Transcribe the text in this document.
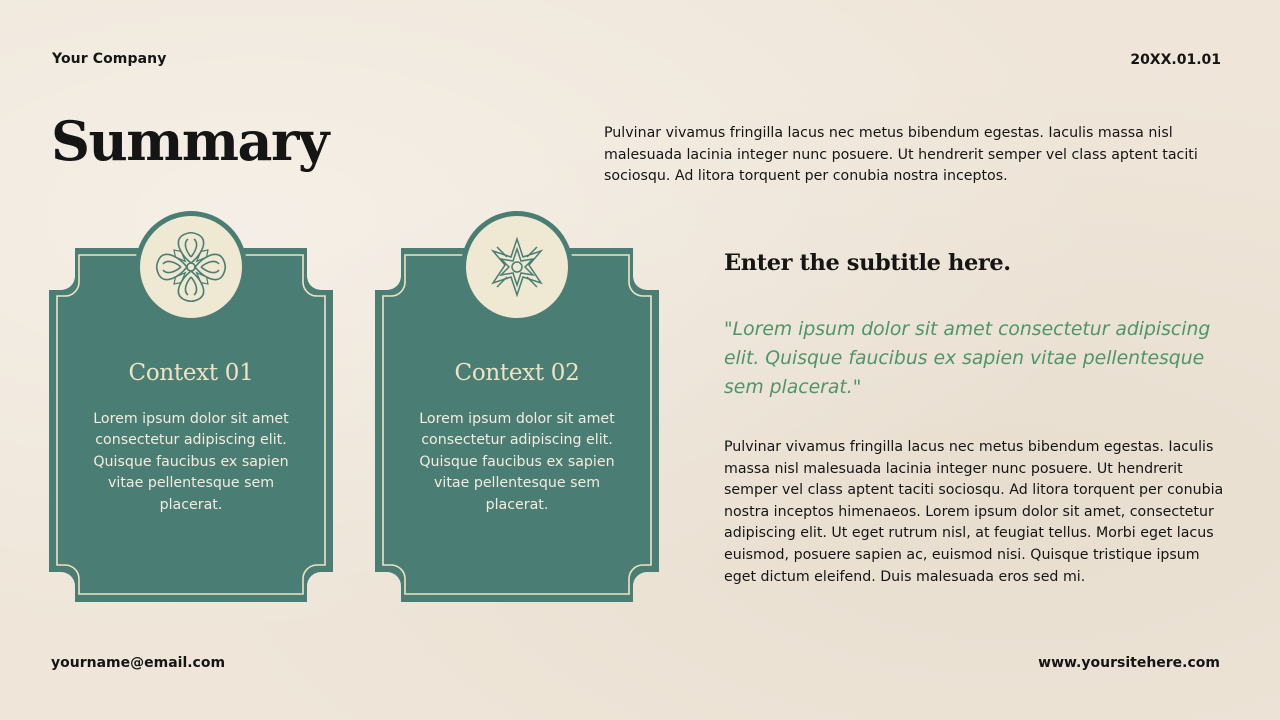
Your Company	20XX.01.01
Summary	Pulvinar vivamus fringilla lacus nec metus bibendum egestas. Iaculis massa nisl malesuada lacinia integer nunc posuere. Ut hendrerit semper vel class aptent taciti sociosqu. Ad litora torquent per conubia nostra inceptos.
Context 01
Lorem ipsum dolor sit amet consectetur adipiscing elit. Quisque faucibus ex sapien vitae pellentesque sem placerat.
Context 02
Lorem ipsum dolor sit amet consectetur adipiscing elit. Quisque faucibus ex sapien vitae pellentesque sem placerat.
Enter the subtitle here.
"Lorem ipsum dolor sit amet consectetur adipiscing elit. Quisque faucibus ex sapien vitae pellentesque sem placerat."
Pulvinar vivamus fringilla lacus nec metus bibendum egestas. Iaculis massa nisl malesuada lacinia integer nunc posuere. Ut hendrerit semper vel class aptent taciti sociosqu. Ad litora torquent per conubia nostra inceptos himenaeos. Lorem ipsum dolor sit amet, consectetur adipiscing elit. Ut eget rutrum nisl, at feugiat tellus. Morbi eget lacus euismod, posuere sapien ac, euismod nisi. Quisque tristique ipsum eget dictum eleifend. Duis malesuada eros sed mi.
yourname@email.com	www.yoursitehere.com
